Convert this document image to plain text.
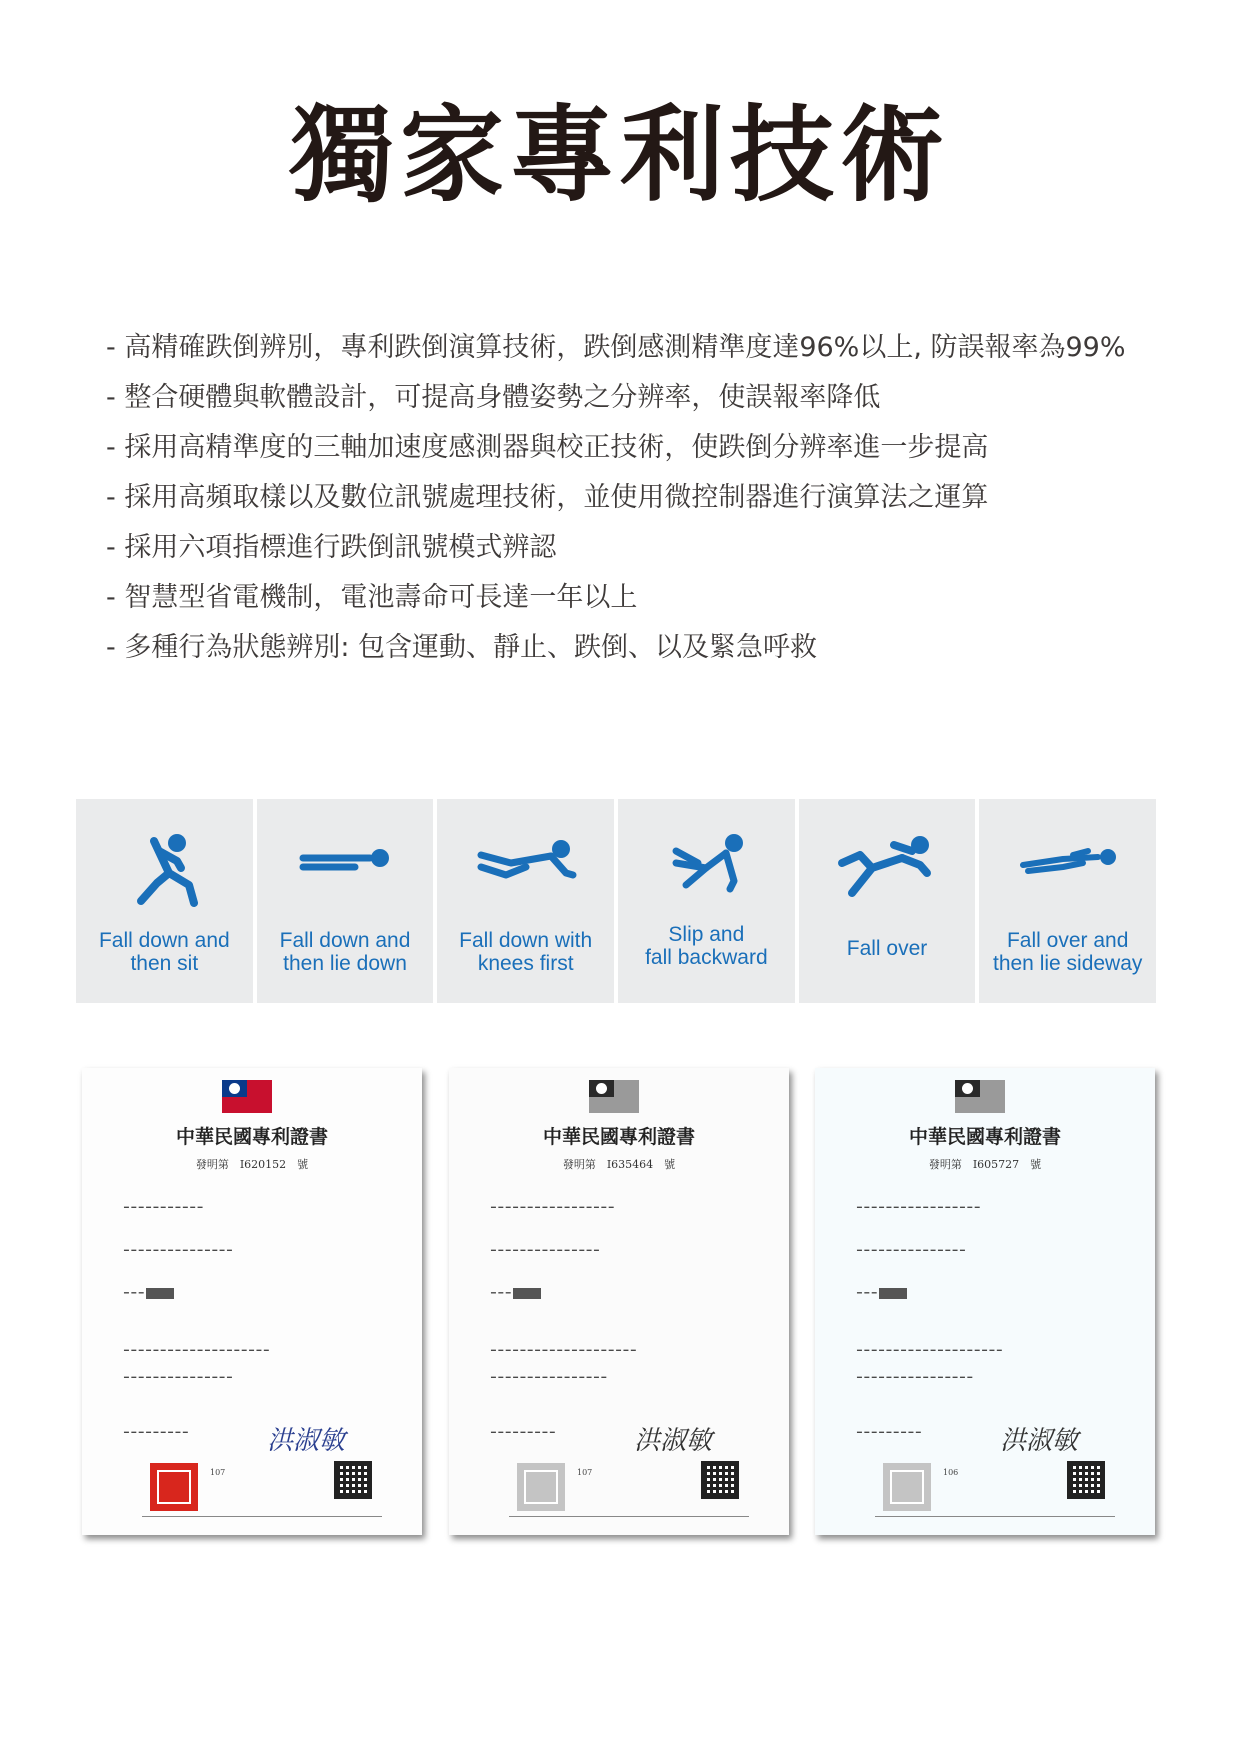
獨家專利技術
- 高精確跌倒辨別，專利跌倒演算技術，跌倒感測精準度達96%以上, 防誤報率為99%
- 整合硬體與軟體設計，可提高身體姿勢之分辨率，使誤報率降低
- 採用高精準度的三軸加速度感測器與校正技術，使跌倒分辨率進一步提高
- 採用高頻取樣以及數位訊號處理技術，並使用微控制器進行演算法之運算
- 採用六項指標進行跌倒訊號模式辨認
- 智慧型省電機制，電池壽命可長達一年以上
- 多種行為狀態辨別: 包含運動、靜止、跌倒、以及緊急呼救
Fall down and
then sit
Fall down and
then lie down
Fall down with
knees first
Slip and
fall backward	Fall over	Fall over and
then lie sideway
中華民國專利證書
發明第　I620152　號
━ ━ ━ ━ ━ ━ ━ ━ ━ ━ ━
━ ━ ━ ━ ━ ━ ━ ━ ━ ━ ━ ━ ━ ━ ━
━ ━ ━
━ ━ ━ ━ ━ ━ ━ ━ ━ ━ ━ ━ ━ ━ ━ ━ ━ ━ ━ ━
━ ━ ━ ━ ━ ━ ━ ━ ━ ━ ━ ━ ━ ━ ━
━ ━ ━ ━ ━ ━ ━ ━ ━	洪淑敏
107
中華民國專利證書
發明第　I635464　號
━ ━ ━ ━ ━ ━ ━ ━ ━ ━ ━ ━ ━ ━ ━ ━ ━
━ ━ ━ ━ ━ ━ ━ ━ ━ ━ ━ ━ ━ ━ ━
━ ━ ━
━ ━ ━ ━ ━ ━ ━ ━ ━ ━ ━ ━ ━ ━ ━ ━ ━ ━ ━ ━
━ ━ ━ ━ ━ ━ ━ ━ ━ ━ ━ ━ ━ ━ ━ ━
━ ━ ━ ━ ━ ━ ━ ━ ━	洪淑敏
107
中華民國專利證書
發明第　I605727　號
━ ━ ━ ━ ━ ━ ━ ━ ━ ━ ━ ━ ━ ━ ━ ━ ━
━ ━ ━ ━ ━ ━ ━ ━ ━ ━ ━ ━ ━ ━ ━
━ ━ ━
━ ━ ━ ━ ━ ━ ━ ━ ━ ━ ━ ━ ━ ━ ━ ━ ━ ━ ━ ━
━ ━ ━ ━ ━ ━ ━ ━ ━ ━ ━ ━ ━ ━ ━ ━
━ ━ ━ ━ ━ ━ ━ ━ ━	洪淑敏
106
